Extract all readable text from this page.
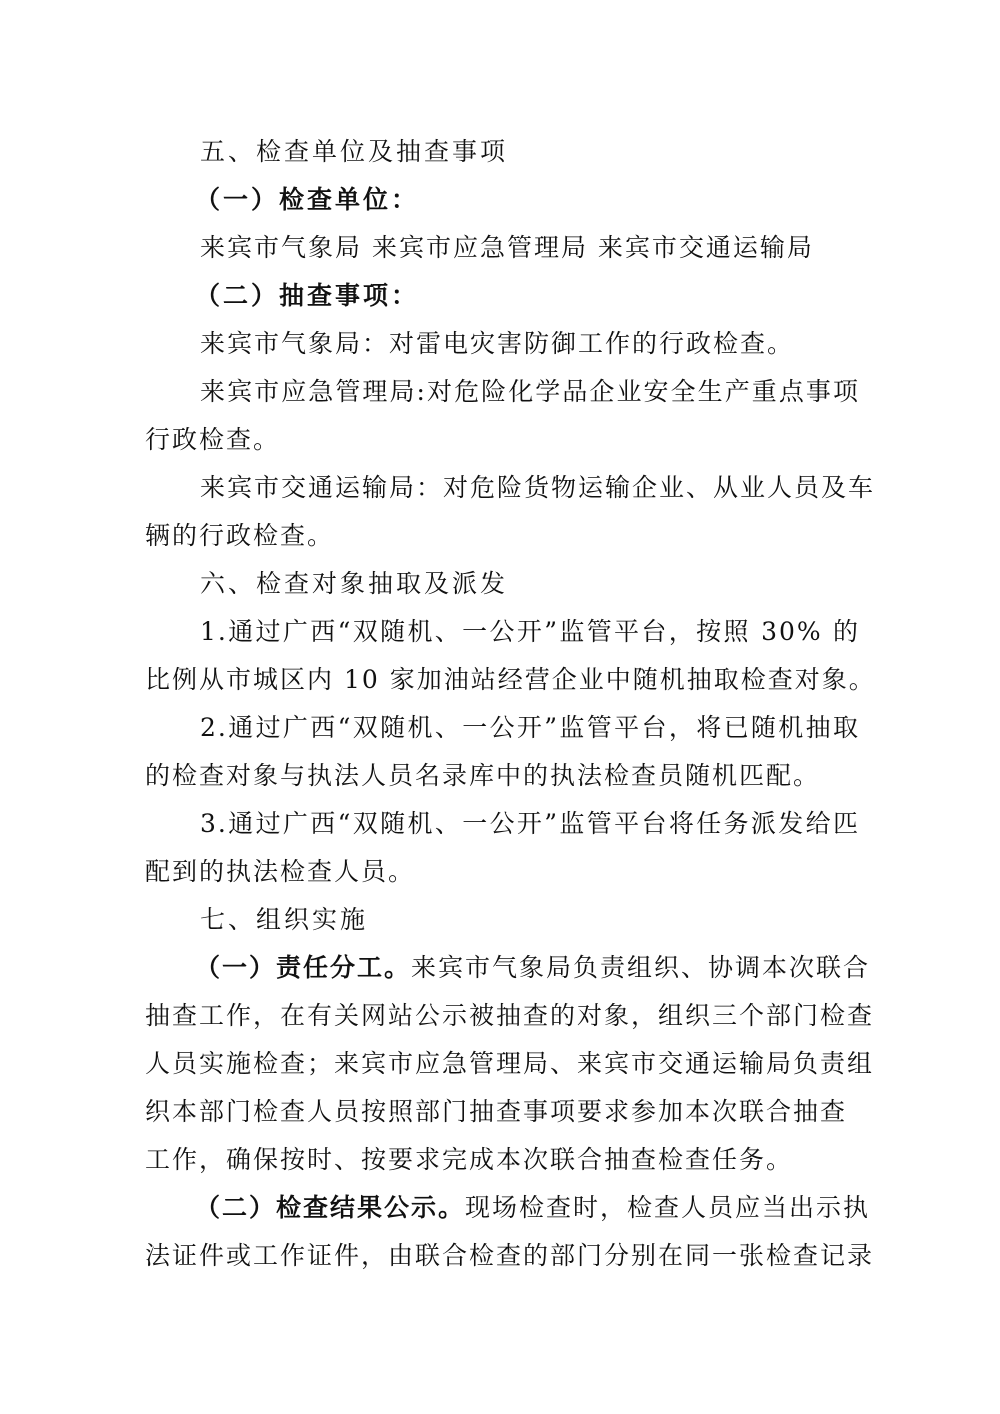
五、检查单位及抽查事项
（一）检查单位：
来宾市气象局 来宾市应急管理局 来宾市交通运输局
（二）抽查事项：
来宾市气象局：对雷电灾害防御工作的行政检查。
来宾市应急管理局:对危险化学品企业安全生产重点事项
行政检查。
来宾市交通运输局：对危险货物运输企业、从业人员及车
辆的行政检查。
六、检查对象抽取及派发
1.通过广西“双随机、一公开”监管平台，按照 30% 的
比例从市城区内 10 家加油站经营企业中随机抽取检查对象。
2.通过广西“双随机、一公开”监管平台，将已随机抽取
的检查对象与执法人员名录库中的执法检查员随机匹配。
3.通过广西“双随机、一公开”监管平台将任务派发给匹
配到的执法检查人员。
七、组织实施
（一）责任分工。来宾市气象局负责组织、协调本次联合
抽查工作，在有关网站公示被抽查的对象，组织三个部门检查
人员实施检查；来宾市应急管理局、来宾市交通运输局负责组
织本部门检查人员按照部门抽查事项要求参加本次联合抽查
工作，确保按时、按要求完成本次联合抽查检查任务。
（二）检查结果公示。现场检查时，检查人员应当出示执
法证件或工作证件，由联合检查的部门分别在同一张检查记录
